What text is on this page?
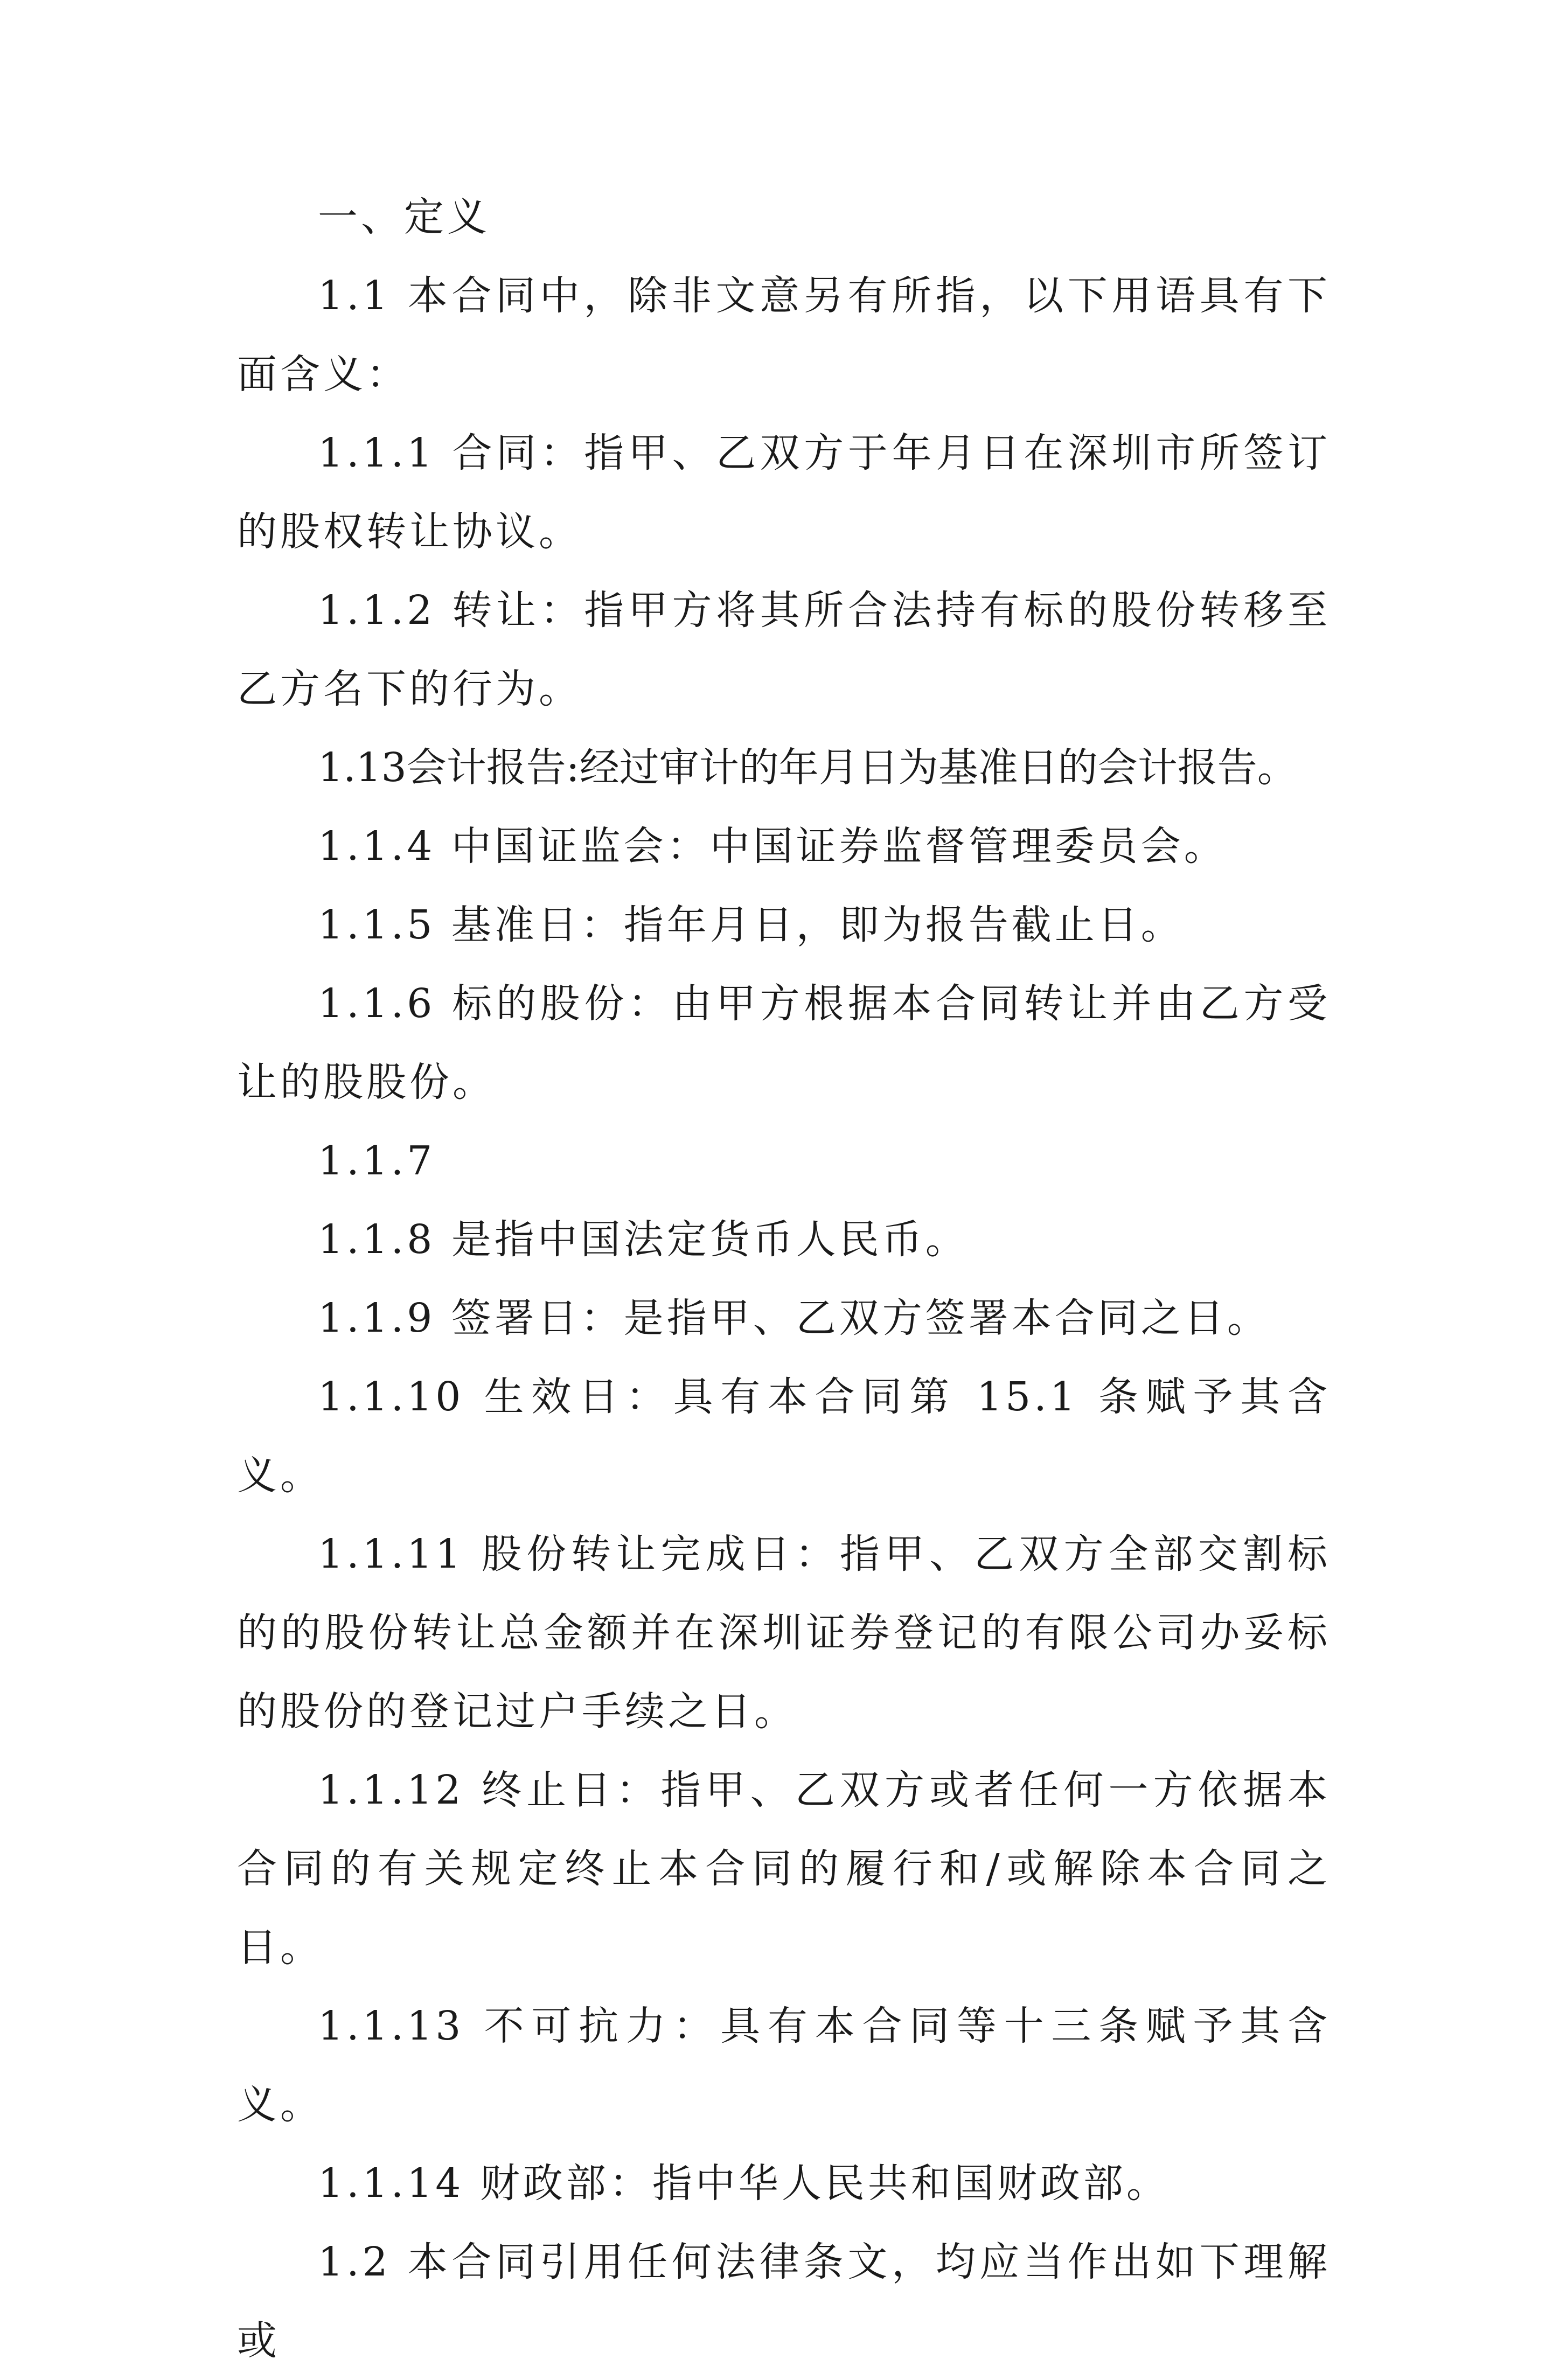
一、定义

1.1 本合同中，除非文意另有所指，以下用语具有下面含义：

1.1.1 合同：指甲、乙双方于年月日在深圳市所签订的股权转让协议。

1.1.2 转让：指甲方将其所合法持有标的股份转移至乙方名下的行为。

1.13会计报告:经过审计的年月日为基准日的会计报告。

1.1.4 中国证监会：中国证券监督管理委员会。

1.1.5 基准日：指年月日，即为报告截止日。

1.1.6 标的股份：由甲方根据本合同转让并由乙方受让的股股份。

1.1.7

1.1.8 是指中国法定货币人民币。

1.1.9 签署日：是指甲、乙双方签署本合同之日。

1.1.10 生效日：具有本合同第 15.1 条赋予其含义。

1.1.11 股份转让完成日：指甲、乙双方全部交割标的的股份转让总金额并在深圳证券登记的有限公司办妥标的股份的登记过户手续之日。

1.1.12 终止日：指甲、乙双方或者任何一方依据本合同的有关规定终止本合同的履行和/或解除本合同之日。

1.1.13 不可抗力：具有本合同等十三条赋予其含义。

1.1.14 财政部：指中华人民共和国财政部。

1.2 本合同引用任何法律条文，均应当作出如下理解或
